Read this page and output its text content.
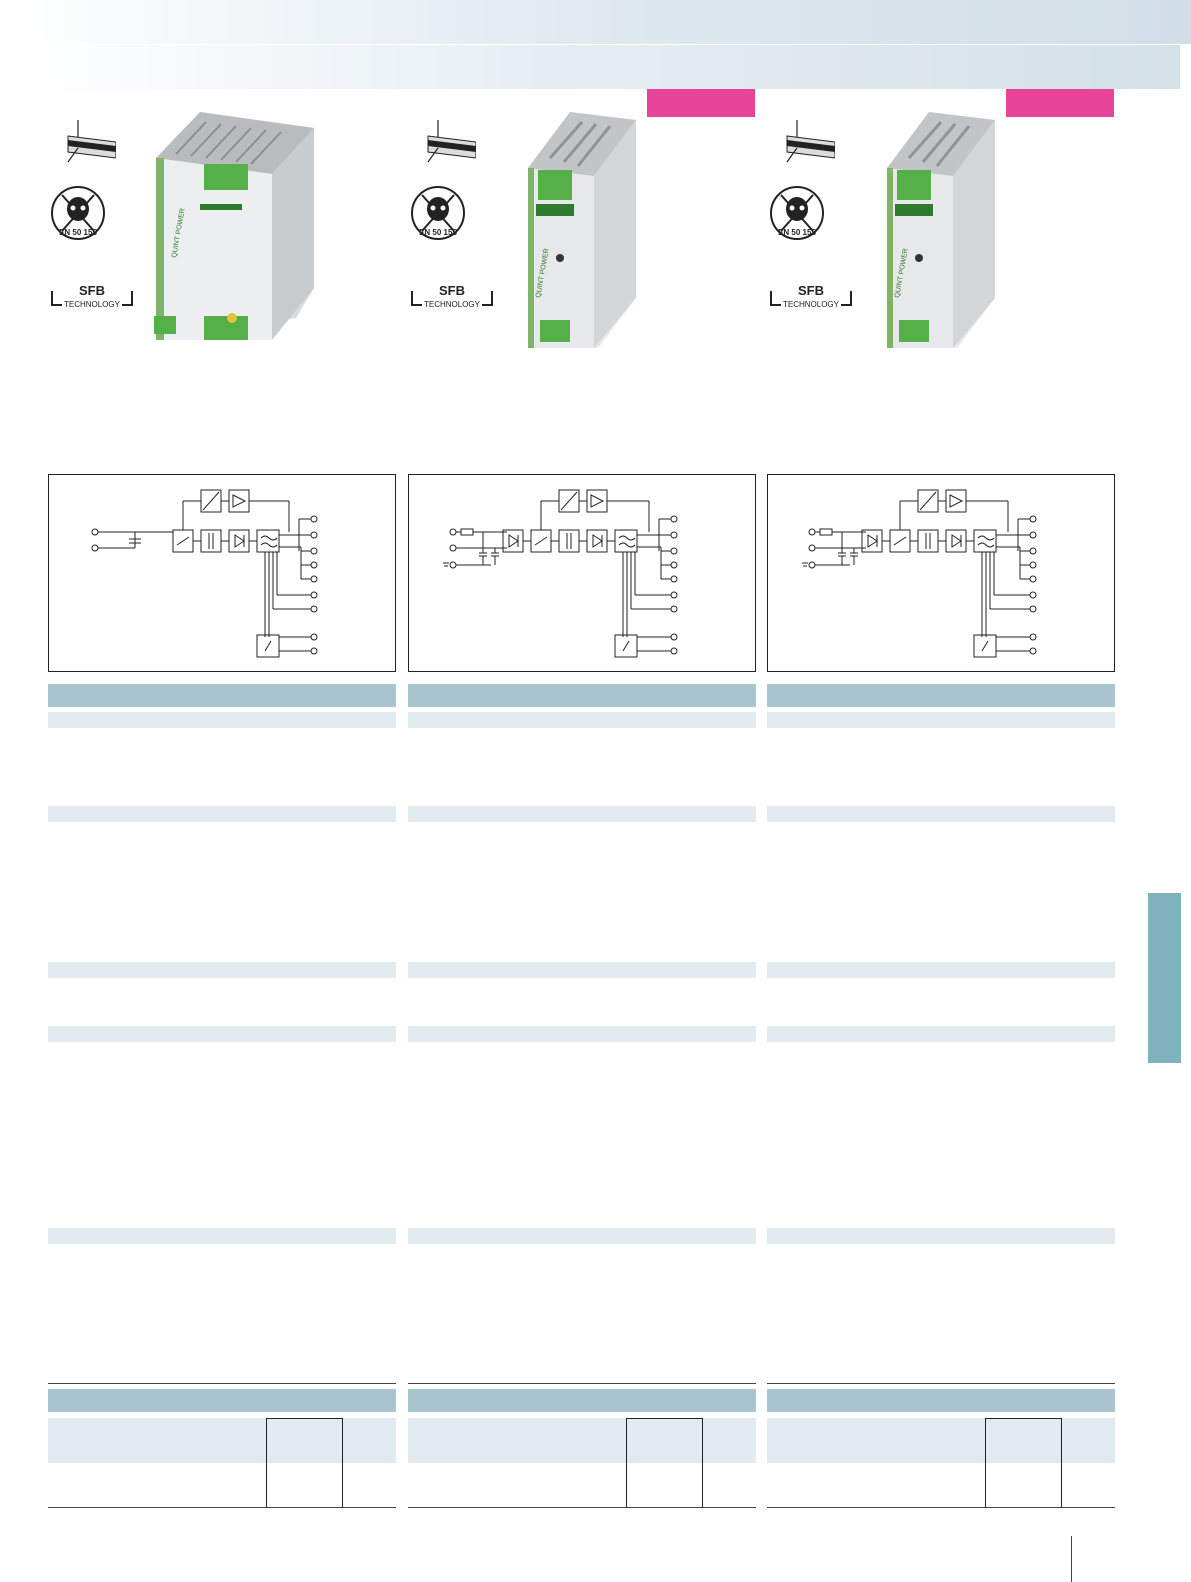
EN 50 155
SFB
TECHNOLOGY
QUINT POWER	EN 50 155
SFB
TECHNOLOGY
QUINT POWER
EN 50 155
SFB
TECHNOLOGY
QUINT POWER
